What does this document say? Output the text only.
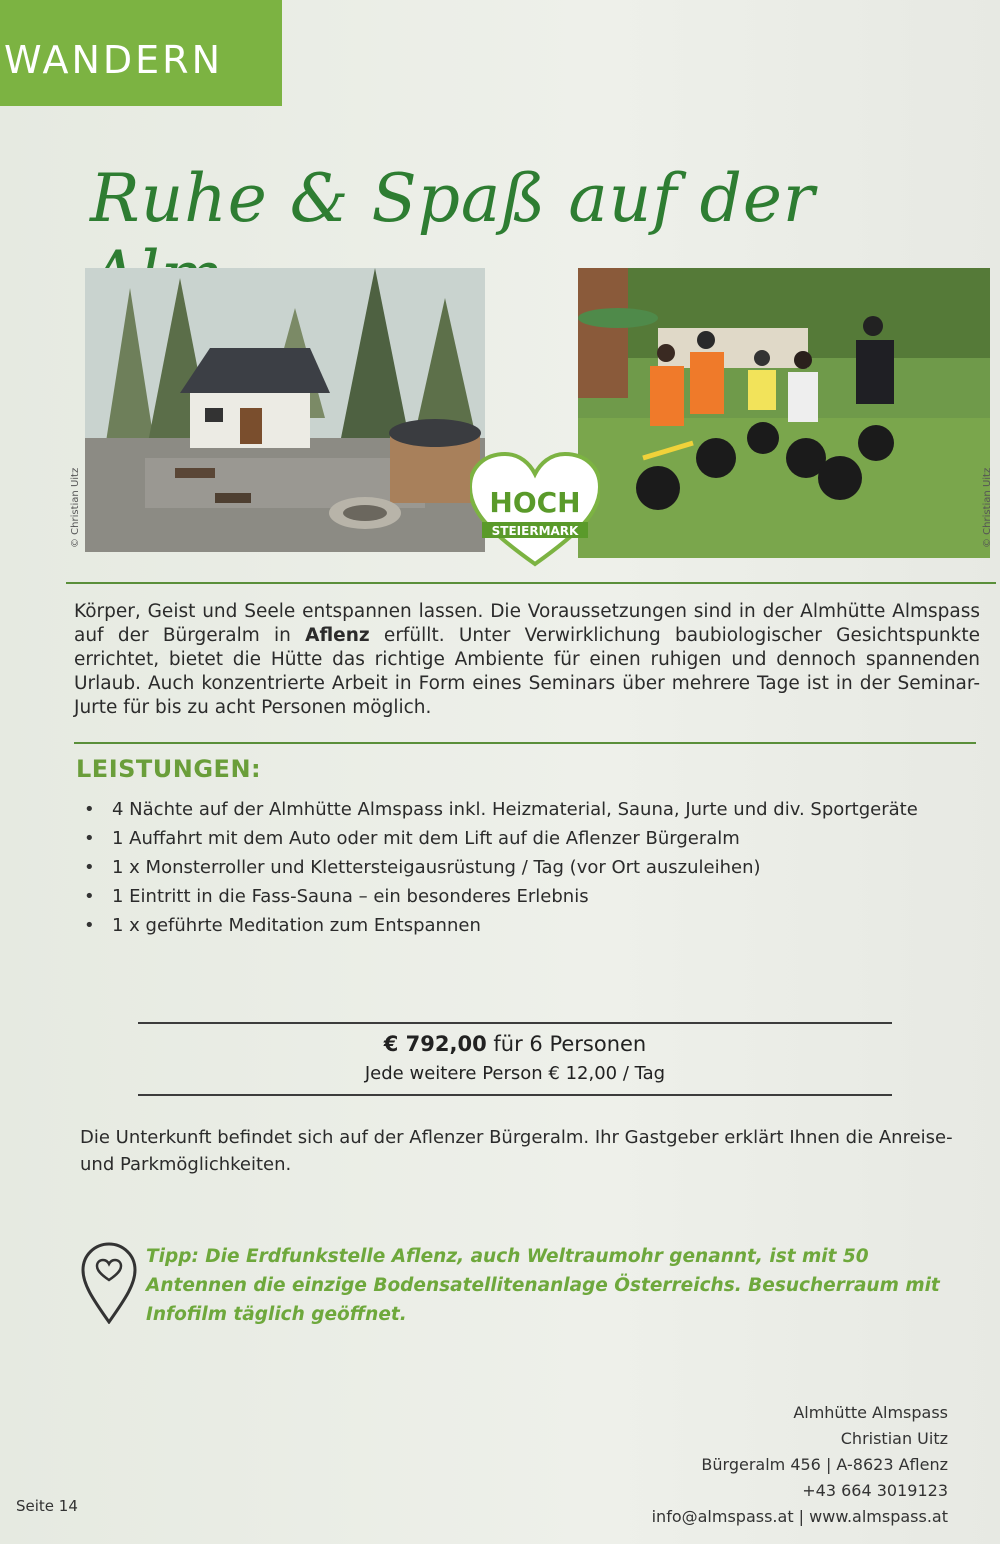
WANDERN
Ruhe & Spaß auf der
© Christian Uitz	© Christian Uitz
HOCH
STEIERMARK
Körper, Geist und Seele entspannen lassen. Die Voraussetzungen sind in der Almhütte Almspass auf der Bürgeralm in Aflenz erfüllt. Unter Verwirklichung baubiologischer Gesichtspunkte errichtet, bietet die Hütte das richtige Ambiente für einen ruhigen und dennoch spannenden Urlaub. Auch konzentrierte Arbeit in Form eines Seminars über mehrere Tage ist in der Seminar-Jurte für bis zu acht Personen möglich.
LEISTUNGEN:
• 4 Nächte auf der Almhütte Almspass inkl. Heizmaterial, Sauna, Jurte und div. Sportgeräte
• 1 Auffahrt mit dem Auto oder mit dem Lift auf die Aflenzer Bürgeralm
• 1 x Monsterroller und Klettersteigausrüstung / Tag (vor Ort auszuleihen)
• 1 Eintritt in die Fass-Sauna – ein besonderes Erlebnis
• 1 x geführte Meditation zum Entspannen
€ 792,00 für 6 Personen
Jede weitere Person € 12,00 / Tag
Die Unterkunft befindet sich auf der Aflenzer Bürgeralm. Ihr Gastgeber erklärt Ihnen die Anreise- und Parkmöglichkeiten.
Tipp: Die Erdfunkstelle Aflenz, auch Weltraumohr genannt, ist mit 50 Antennen die einzige Bodensatellitenanlage Österreichs. Besucherraum mit Infofilm täglich geöffnet.
Almhütte Almspass
Christian Uitz
Bürgeralm 456 | A-8623 Aflenz
+43 664 3019123
info@almspass.at | www.almspass.at
Seite 14
